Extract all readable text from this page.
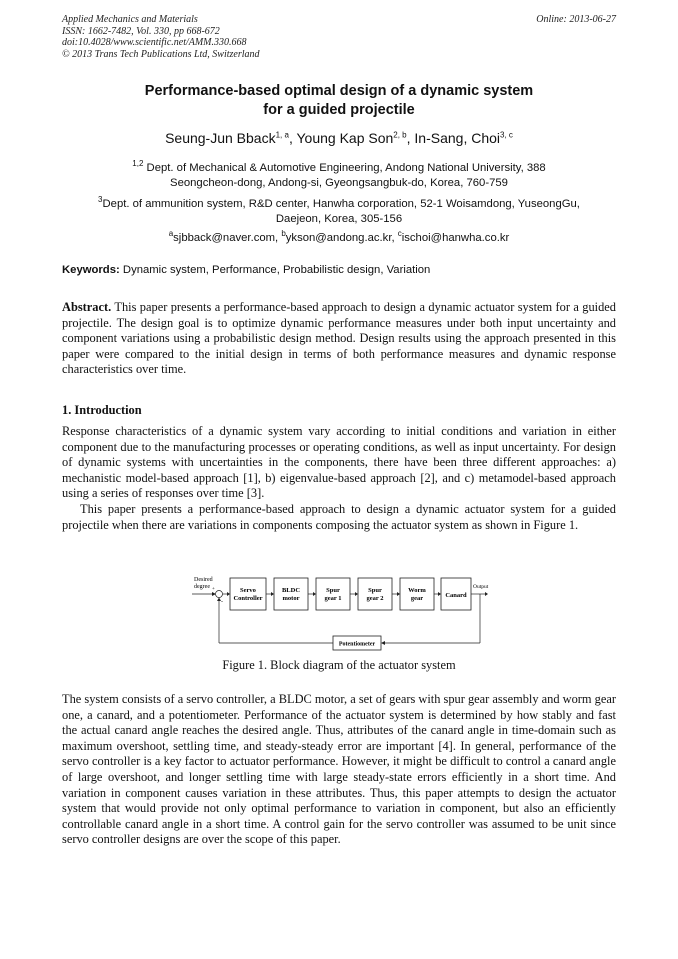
Applied Mechanics and Materials
ISSN: 1662-7482, Vol. 330, pp 668-672
doi:10.4028/www.scientific.net/AMM.330.668
© 2013 Trans Tech Publications Ltd, Switzerland
Online: 2013-06-27
Performance-based optimal design of a dynamic system
for a guided projectile
Seung-Jun Bback$^{1, a}$, Young Kap Son$^{2, b}$, In-Sang, Choi$^{3, c}$
$^{1,2}$ Dept. of Mechanical & Automotive Engineering, Andong National University, 388
Seongcheon-dong, Andong-si, Gyeongsangbuk-do, Korea, 760-759
$^3$Dept. of ammunition system, R&D center, Hanwha corporation, 52-1 Woisamdong, YuseongGu,
Daejeon, Korea, 305-156
$^a$sjbback@naver.com, $^b$ykson@andong.ac.kr, $^c$ischoi@hanwha.co.kr
Keywords: Dynamic system, Performance, Probabilistic design, Variation
Abstract. This paper presents a performance-based approach to design a dynamic actuator system for a guided projectile. The design goal is to optimize dynamic performance measures under both input uncertainty and component variations using a probabilistic design method. Design results using the approach presented in this paper were compared to the initial design in terms of both performance measures and dynamic response characteristics over time.
1. Introduction
Response characteristics of a dynamic system vary according to initial conditions and variation in either component due to the manufacturing processes or operating conditions, as well as input uncertainty. For design of dynamic systems with uncertainties in the components, there have been three different approaches: a) mechanistic model-based approach [1], b) eigenvalue-based approach [2], and c) metamodel-based approach using a series of responses over time [3].
This paper presents a performance-based approach to design a dynamic actuator system for a guided projectile when there are variations in components composing the actuator system as shown in Figure 1.
Desired
degree +
-
Servo
Controller
BLDC
motor
Spur
gear 1
Spur
gear 2
Worm
gear	Canard
Output
Potentiometer
Figure 1. Block diagram of the actuator system
The system consists of a servo controller, a BLDC motor, a set of gears with spur gear assembly and worm gear one, a canard, and a potentiometer. Performance of the actuator system is determined by how stably and fast the actual canard angle reaches the desired angle. Thus, attributes of the canard angle in time-domain such as maximum overshoot, settling time, and steady-steady error are important [4]. In general, performance of the servo controller is a key factor to actuator performance. However, it might be difficult to control a canard angle of large overshoot, and longer settling time with large steady-state errors efficiently in a short time. And variation in component causes variation in these attributes. Thus, this paper attempts to design the actuator system that would provide not only optimal performance to variation in component, but also an efficiently controllable canard angle in a short time. A control gain for the servo controller was assumed to be unit since servo controller designs are over the scope of this paper.
